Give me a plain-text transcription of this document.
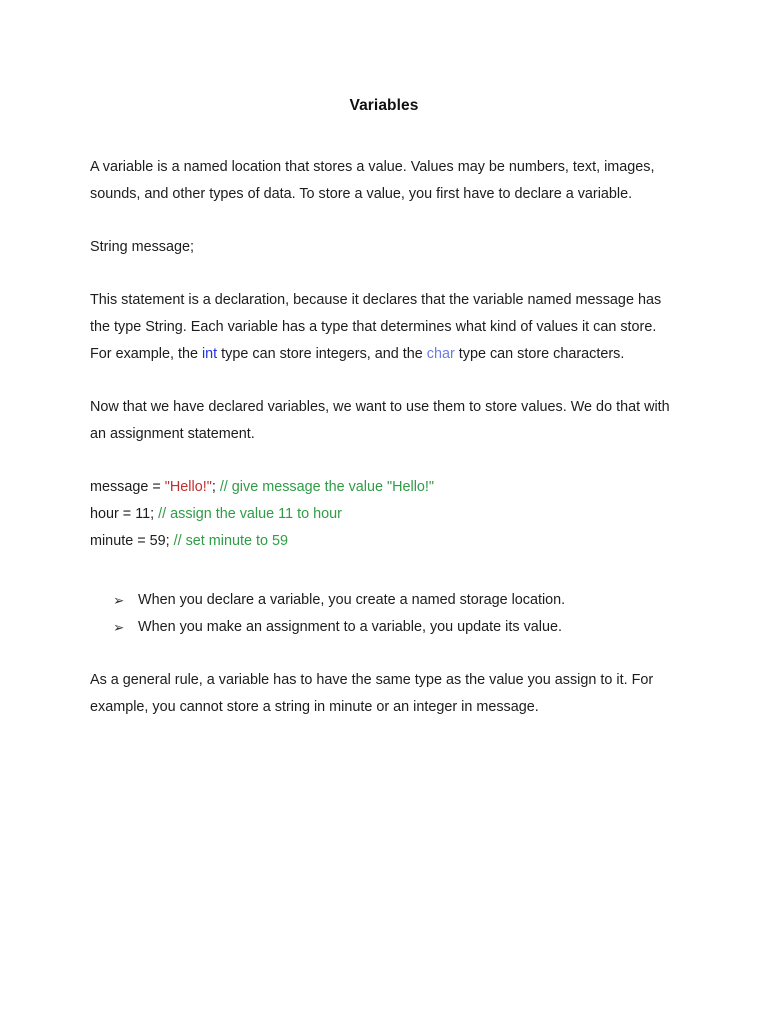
Variables

A variable is a named location that stores a value. Values may be numbers, text, images, sounds, and other types of data. To store a value, you first have to declare a variable.

String message;

This statement is a declaration, because it declares that the variable named message has the type String. Each variable has a type that determines what kind of values it can store. For example, the int type can store integers, and the char type can store characters.

Now that we have declared variables, we want to use them to store values. We do that with an assignment statement.

message = "Hello!"; // give message the value "Hello!"
hour = 11; // assign the value 11 to hour
minute = 59; // set minute to 59
➢ When you declare a variable, you create a named storage location.
➢ When you make an assignment to a variable, you update its value.

As a general rule, a variable has to have the same type as the value you assign to it. For example, you cannot store a string in minute or an integer in message.
